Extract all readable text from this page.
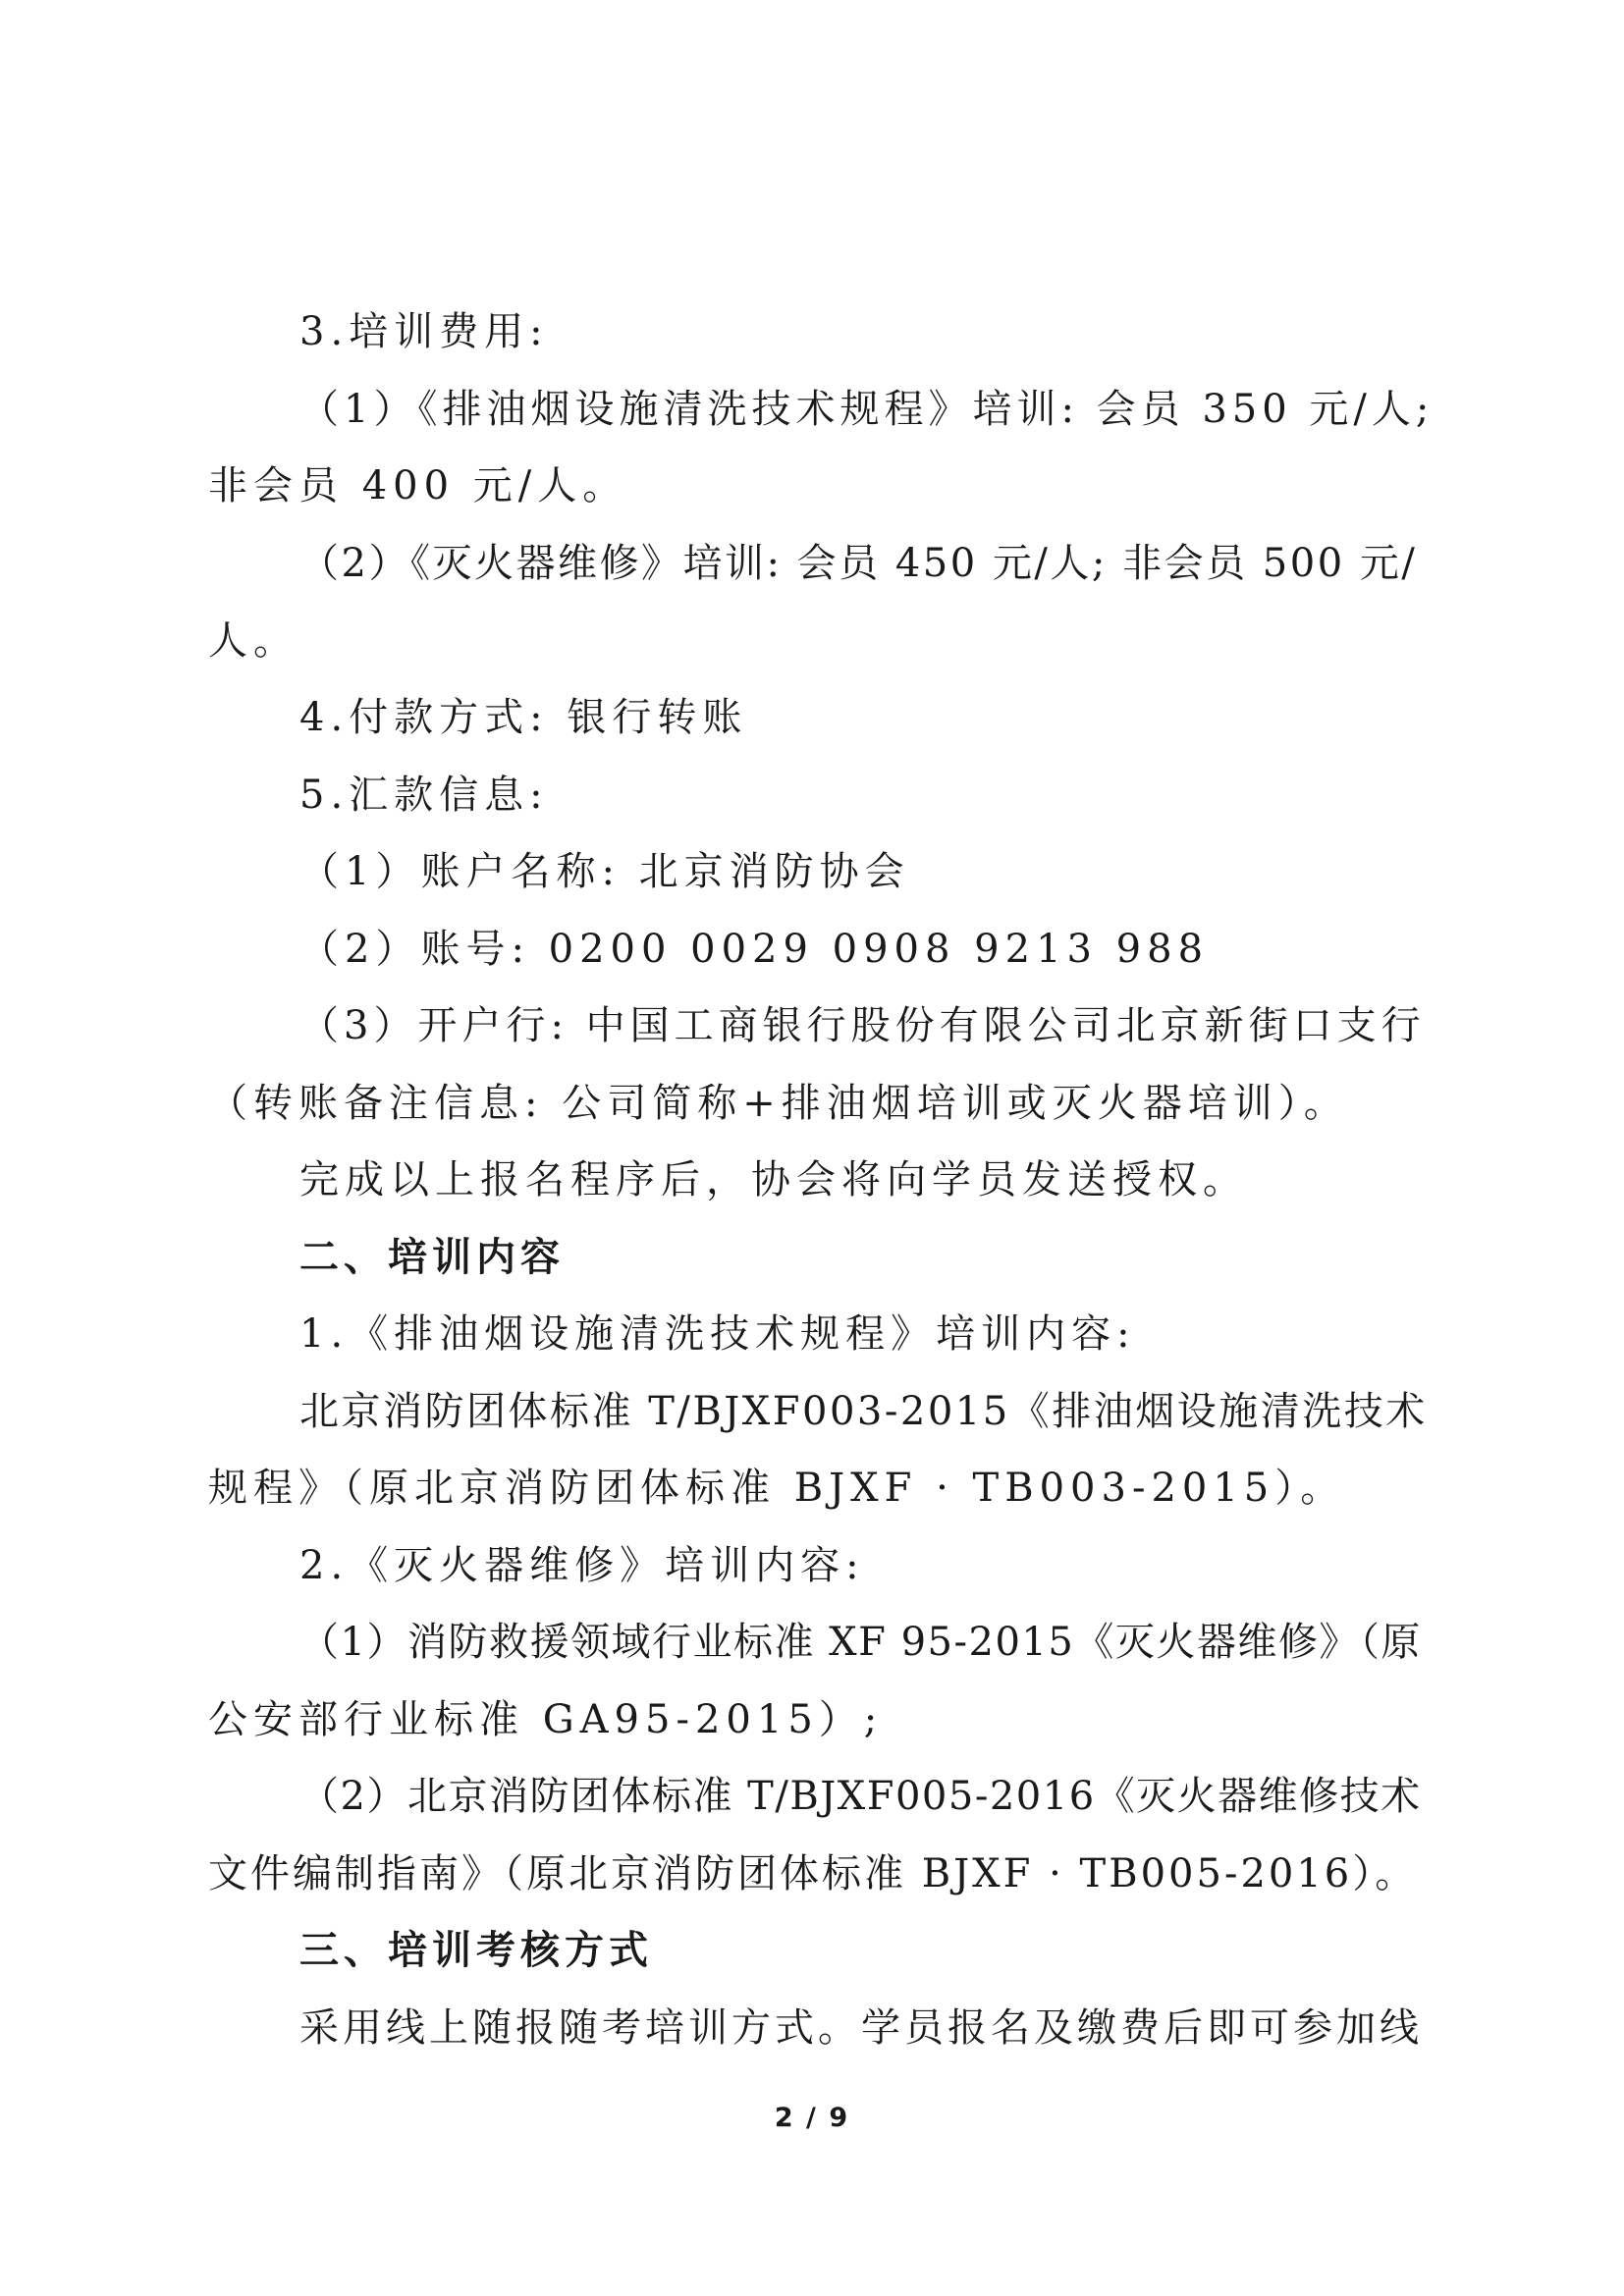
3.培训费用:
（1）《排油烟设施清洗技术规程》培训: 会员 350 元/人;
非会员 400 元/人。
（2）《灭火器维修》培训: 会员 450 元/人; 非会员 500 元/
人。
4.付款方式: 银行转账
5.汇款信息:
（1）账户名称: 北京消防协会
（2）账号: 0200 0029 0908 9213 988
（3）开户行: 中国工商银行股份有限公司北京新街口支行
（转账备注信息: 公司简称+排油烟培训或灭火器培训）。
完成以上报名程序后，协会将向学员发送授权。
二、培训内容
1.《排油烟设施清洗技术规程》培训内容:
北京消防团体标准 T/BJXF003-2015《排油烟设施清洗技术
规程》（原北京消防团体标准 BJXF · TB003-2015）。
2.《灭火器维修》培训内容:
（1）消防救援领域行业标准 XF 95-2015《灭火器维修》（原
公安部行业标准 GA95-2015）;
（2）北京消防团体标准 T/BJXF005-2016《灭火器维修技术
文件编制指南》（原北京消防团体标准 BJXF · TB005-2016）。
三、培训考核方式
采用线上随报随考培训方式。学员报名及缴费后即可参加线
2 / 9
